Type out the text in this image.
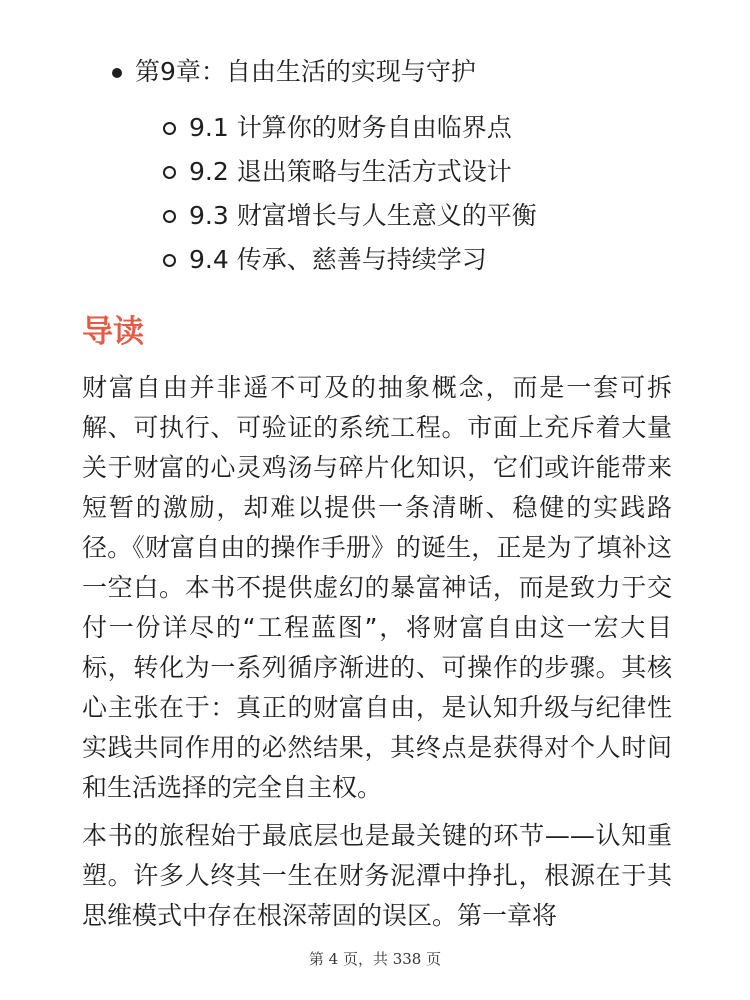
第9章：自由生活的实现与守护
9.1 计算你的财务自由临界点
9.2 退出策略与生活方式设计
9.3 财富增长与人生意义的平衡
9.4 传承、慈善与持续学习
导读

财富自由并非遥不可及的抽象概念，而是一套可拆解、可执行、可验证的系统工程。市面上充斥着大量关于财富的心灵鸡汤与碎片化知识，它们或许能带来短暂的激励，却难以提供一条清晰、稳健的实践路径。《财富自由的操作手册》的诞生，正是为了填补这一空白。本书不提供虚幻的暴富神话，而是致力于交付一份详尽的“工程蓝图”，将财富自由这一宏大目标，转化为一系列循序渐进的、可操作的步骤。其核心主张在于：真正的财富自由，是认知升级与纪律性实践共同作用的必然结果，其终点是获得对个人时间和生活选择的完全自主权。

本书的旅程始于最底层也是最关键的环节——认知重塑。许多人终其一生在财务泥潭中挣扎，根源在于其思维模式中存在根深蒂固的误区。第一章将

第 4 页，共 338 页
